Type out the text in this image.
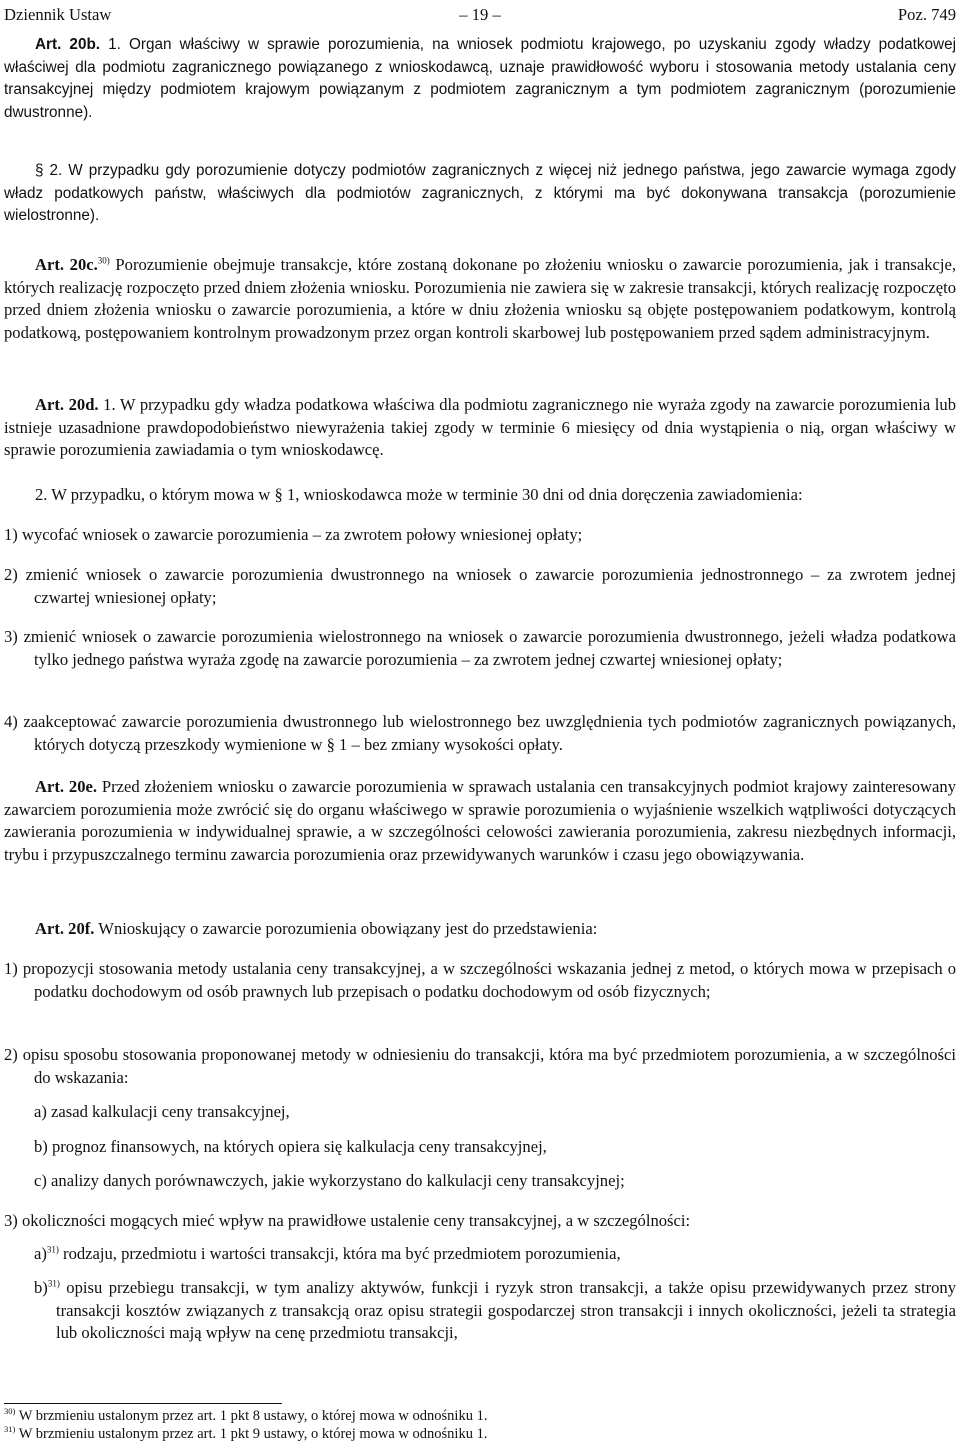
Dziennik Ustaw	– 19 –	Poz. 749
Art. 20b. 1. Organ właściwy w sprawie porozumienia, na wniosek podmiotu krajowego, po uzyskaniu zgody władzy podatkowej właściwej dla podmiotu zagranicznego powiązanego z wnioskodawcą, uznaje prawidłowość wyboru i stosowania metody ustalania ceny transakcyjnej między podmiotem krajowym powiązanym z podmiotem zagranicznym a tym podmiotem zagranicznym (porozumienie dwustronne).
§ 2. W przypadku gdy porozumienie dotyczy podmiotów zagranicznych z więcej niż jednego państwa, jego zawarcie wymaga zgody władz podatkowych państw, właściwych dla podmiotów zagranicznych, z którymi ma być dokonywana transakcja (porozumienie wielostronne).
Art. 20c.$^{30)}$ Porozumienie obejmuje transakcje, które zostaną dokonane po złożeniu wniosku o zawarcie porozumienia, jak i transakcje, których realizację rozpoczęto przed dniem złożenia wniosku. Porozumienia nie zawiera się w zakresie transakcji, których realizację rozpoczęto przed dniem złożenia wniosku o zawarcie porozumienia, a które w dniu złożenia wniosku są objęte postępowaniem podatkowym, kontrolą podatkową, postępowaniem kontrolnym prowadzonym przez organ kontroli skarbowej lub postępowaniem przed sądem administracyjnym.
Art. 20d. 1. W przypadku gdy władza podatkowa właściwa dla podmiotu zagranicznego nie wyraża zgody na zawarcie porozumienia lub istnieje uzasadnione prawdopodobieństwo niewyrażenia takiej zgody w terminie 6 miesięcy od dnia wystąpienia o nią, organ właściwy w sprawie porozumienia zawiadamia o tym wnioskodawcę.
2. W przypadku, o którym mowa w § 1, wnioskodawca może w terminie 30 dni od dnia doręczenia zawiadomienia:
1) wycofać wniosek o zawarcie porozumienia – za zwrotem połowy wniesionej opłaty;
2) zmienić wniosek o zawarcie porozumienia dwustronnego na wniosek o zawarcie porozumienia jednostronnego – za zwrotem jednej czwartej wniesionej opłaty;
3) zmienić wniosek o zawarcie porozumienia wielostronnego na wniosek o zawarcie porozumienia dwustronnego, jeżeli władza podatkowa tylko jednego państwa wyraża zgodę na zawarcie porozumienia – za zwrotem jednej czwartej wniesionej opłaty;
4) zaakceptować zawarcie porozumienia dwustronnego lub wielostronnego bez uwzględnienia tych podmiotów zagranicznych powiązanych, których dotyczą przeszkody wymienione w § 1 – bez zmiany wysokości opłaty.
Art. 20e. Przed złożeniem wniosku o zawarcie porozumienia w sprawach ustalania cen transakcyjnych podmiot krajowy zainteresowany zawarciem porozumienia może zwrócić się do organu właściwego w sprawie porozumienia o wyjaśnienie wszelkich wątpliwości dotyczących zawierania porozumienia w indywidualnej sprawie, a w szczególności celowości zawierania porozumienia, zakresu niezbędnych informacji, trybu i przypuszczalnego terminu zawarcia porozumienia oraz przewidywanych warunków i czasu jego obowiązywania.
Art. 20f. Wnioskujący o zawarcie porozumienia obowiązany jest do przedstawienia:
1) propozycji stosowania metody ustalania ceny transakcyjnej, a w szczególności wskazania jednej z metod, o których mowa w przepisach o podatku dochodowym od osób prawnych lub przepisach o podatku dochodowym od osób fizycznych;
2) opisu sposobu stosowania proponowanej metody w odniesieniu do transakcji, która ma być przedmiotem porozumienia, a w szczególności do wskazania:
a) zasad kalkulacji ceny transakcyjnej,
b) prognoz finansowych, na których opiera się kalkulacja ceny transakcyjnej,
c) analizy danych porównawczych, jakie wykorzystano do kalkulacji ceny transakcyjnej;
3) okoliczności mogących mieć wpływ na prawidłowe ustalenie ceny transakcyjnej, a w szczególności:
a)$^{31)}$ rodzaju, przedmiotu i wartości transakcji, która ma być przedmiotem porozumienia,
b)$^{31)}$ opisu przebiegu transakcji, w tym analizy aktywów, funkcji i ryzyk stron transakcji, a także opisu przewidywanych przez strony transakcji kosztów związanych z transakcją oraz opisu strategii gospodarczej stron transakcji i innych okoliczności, jeżeli ta strategia lub okoliczności mają wpływ na cenę przedmiotu transakcji,
$^{30)}$ W brzmieniu ustalonym przez art. 1 pkt 8 ustawy, o której mowa w odnośniku 1.
$^{31)}$ W brzmieniu ustalonym przez art. 1 pkt 9 ustawy, o której mowa w odnośniku 1.
